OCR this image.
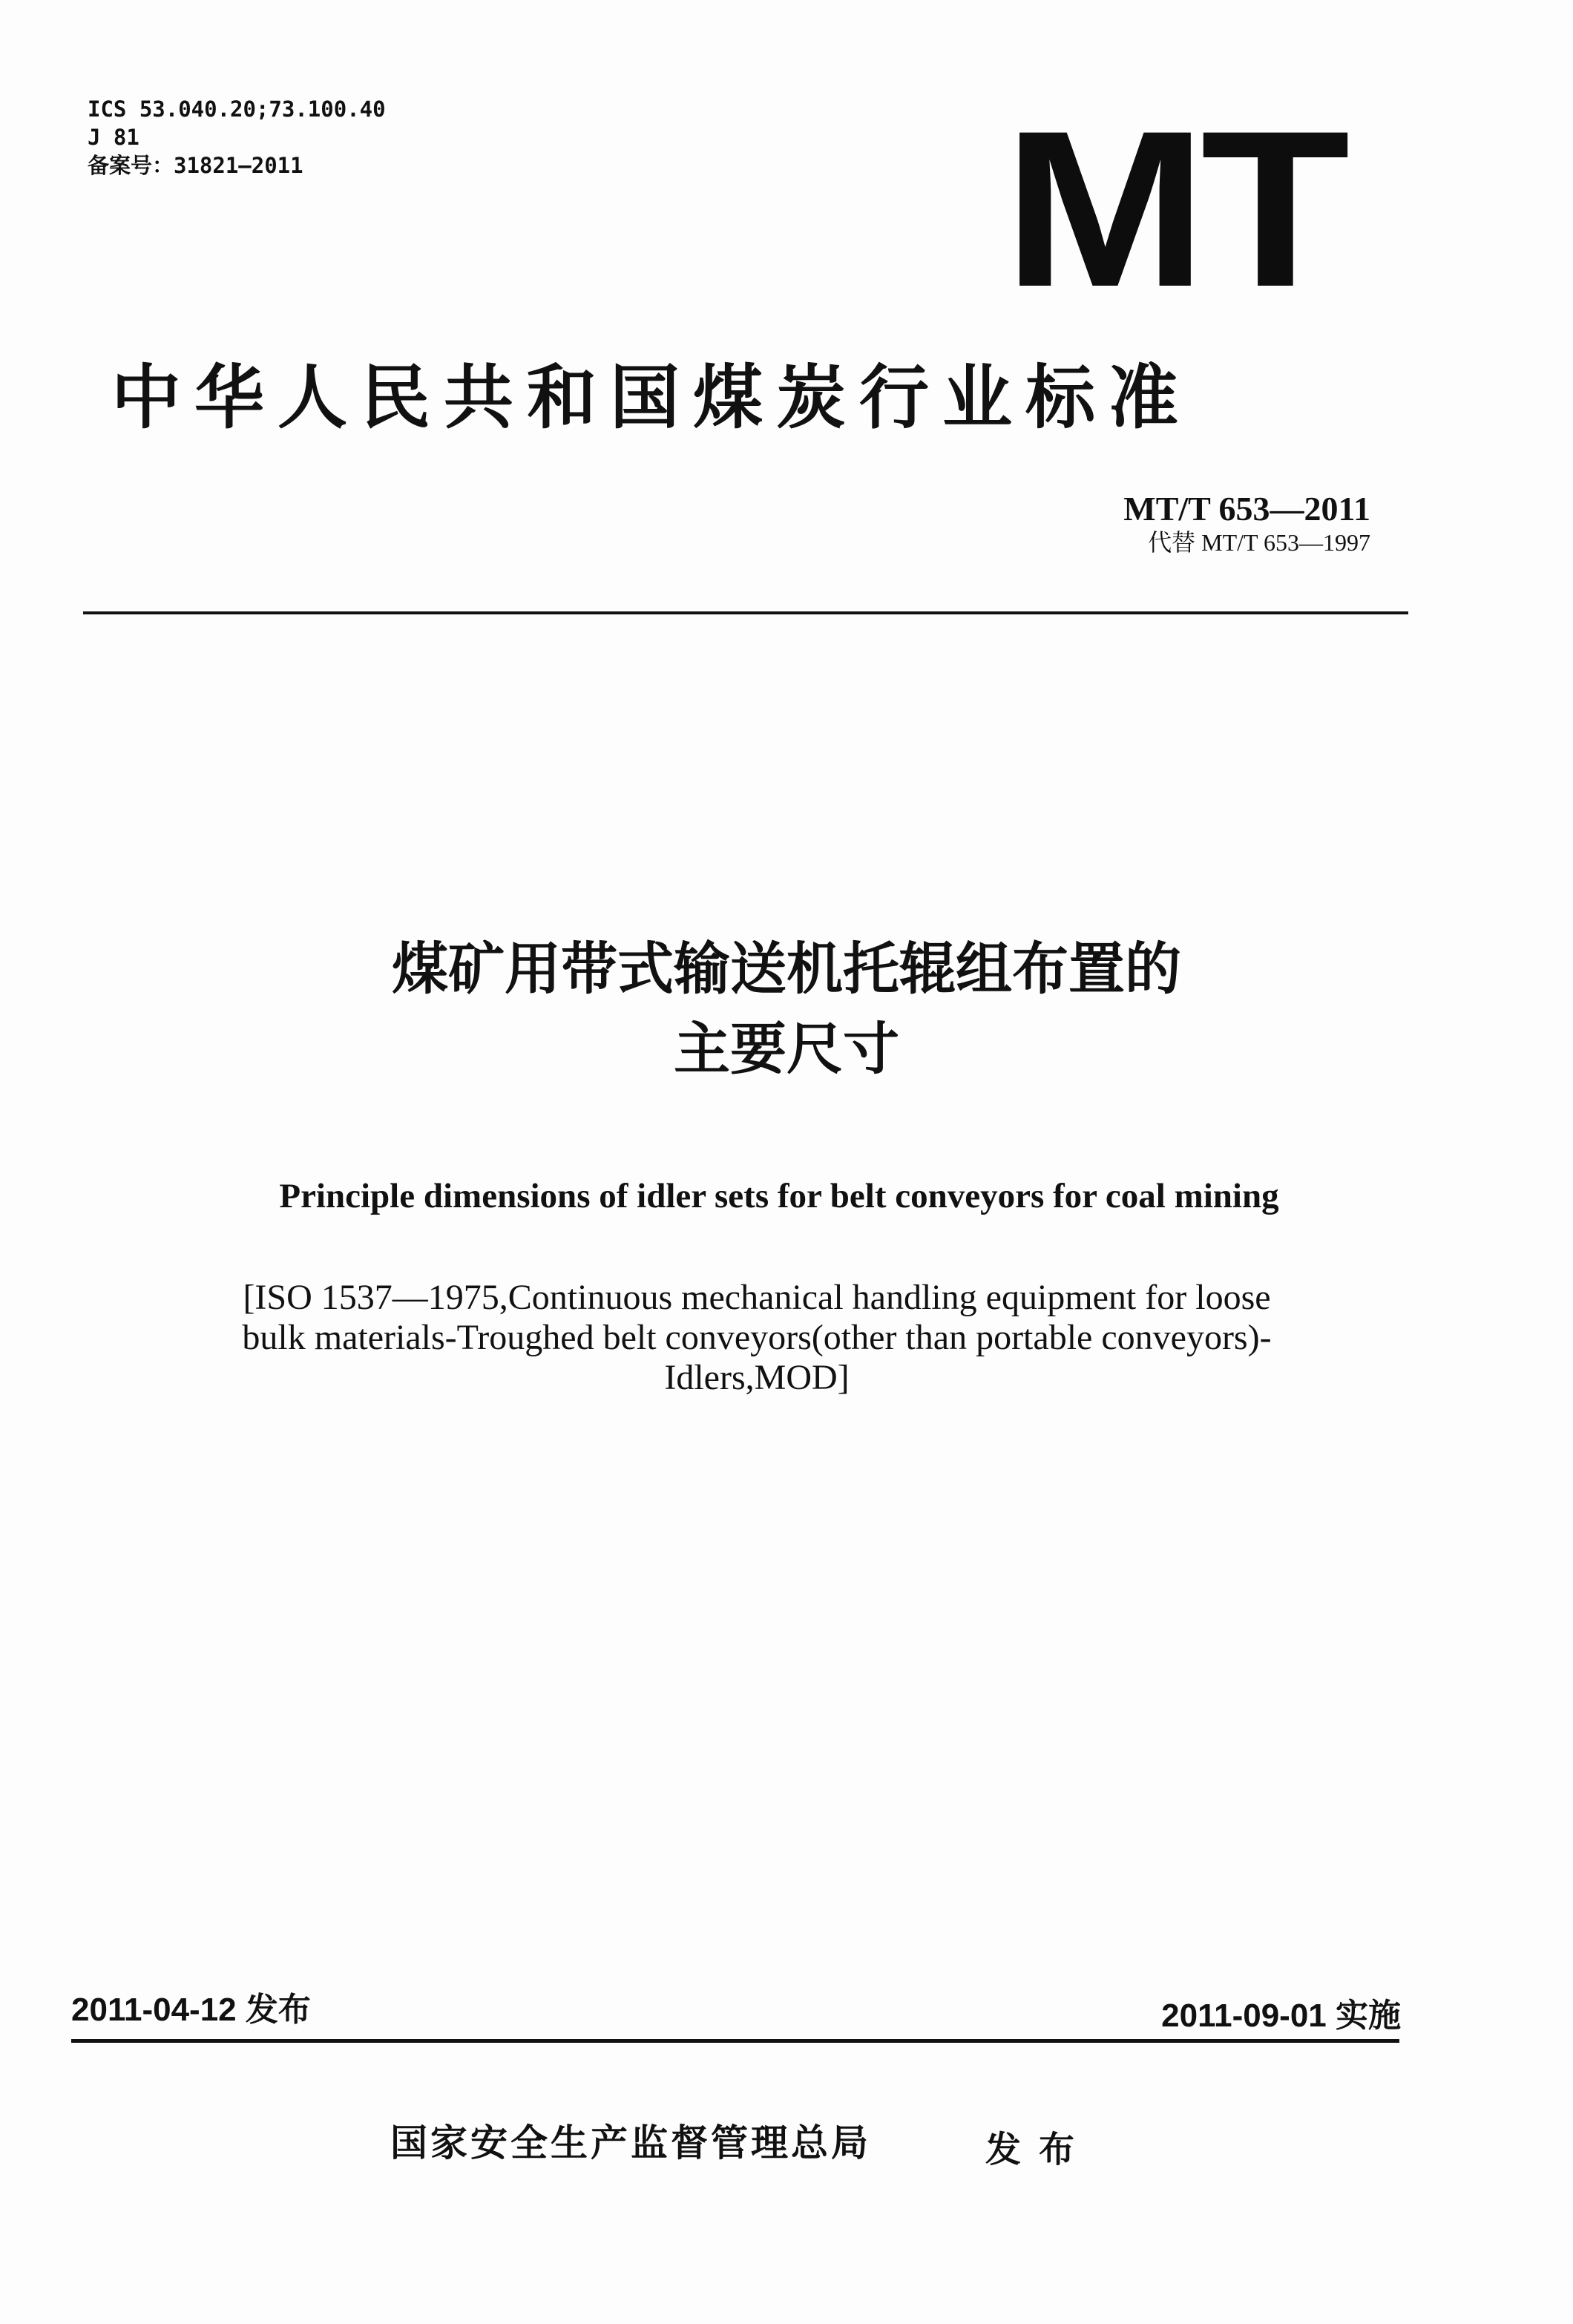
ICS 53.040.20;73.100.40
J 81
备案号：31821—2011	MT
中华人民共和国煤炭行业标准
MT/T 653—2011
代替 MT/T 653—1997
煤矿用带式输送机托辊组布置的
主要尺寸
Principle dimensions of idler sets for belt conveyors for coal mining
[ISO 1537—1975,Continuous mechanical handling equipment for loose bulk materials-Troughed belt conveyors(other than portable conveyors)-Idlers,MOD]
2011-04-12 发布	2011-09-01 实施
国家安全生产监督管理总局	发布
